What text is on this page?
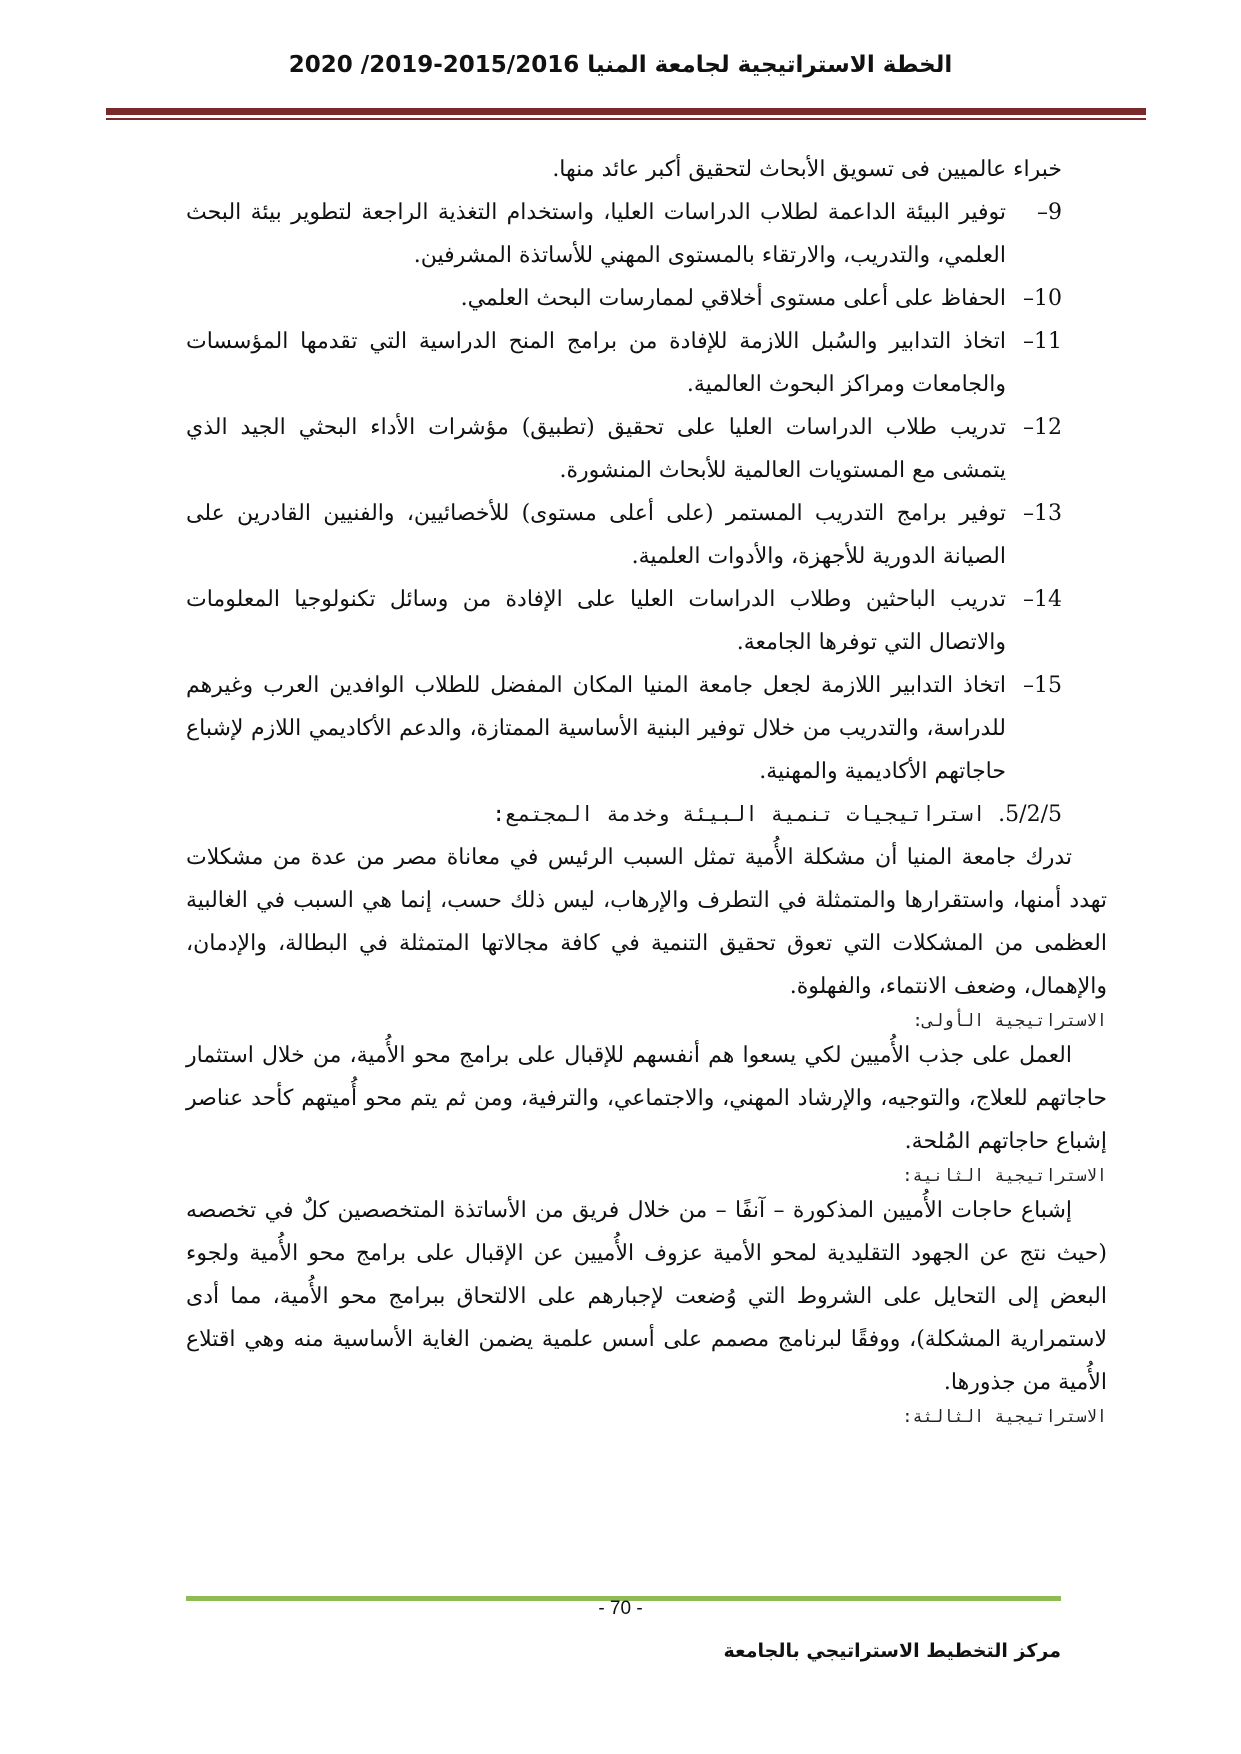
الخطة الاستراتيجية لجامعة المنيا 2015/2016-2019/ 2020

خبراء عالميين فى تسويق الأبحاث لتحقيق أكبر عائد منها.

9–
توفير البيئة الداعمة لطلاب الدراسات العليا، واستخدام التغذية الراجعة لتطوير بيئة البحث العلمي، والتدريب، والارتقاء بالمستوى المهني للأساتذة المشرفين.
10–
الحفاظ على أعلى مستوى أخلاقي لممارسات البحث العلمي.
11–
اتخاذ التدابير والسُبل اللازمة للإفادة من برامج المنح الدراسية التي تقدمها المؤسسات والجامعات ومراكز البحوث العالمية.
12–
تدريب طلاب الدراسات العليا على تحقيق (تطبيق) مؤشرات الأداء البحثي الجيد الذي يتمشى مع المستويات العالمية للأبحاث المنشورة.
13–
توفير برامج التدريب المستمر (على أعلى مستوى) للأخصائيين، والفنيين القادرين على الصيانة الدورية للأجهزة، والأدوات العلمية.
14–
تدريب الباحثين وطلاب الدراسات العليا على الإفادة من وسائل تكنولوجيا المعلومات والاتصال التي توفرها الجامعة.
15–
اتخاذ التدابير اللازمة لجعل جامعة المنيا المكان المفضل للطلاب الوافدين العرب وغيرهم للدراسة، والتدريب من خلال توفير البنية الأساسية الممتازة، والدعم الأكاديمي اللازم لإشباع حاجاتهم الأكاديمية والمهنية.

5/2/5. استراتيجيات تنمية البيئة وخدمة المجتمع:

تدرك جامعة المنيا أن مشكلة الأُمية تمثل السبب الرئيس في معاناة مصر من عدة من مشكلات تهدد أمنها، واستقرارها والمتمثلة في التطرف والإرهاب، ليس ذلك حسب، إنما هي السبب في الغالبية العظمى من المشكلات التي تعوق تحقيق التنمية في كافة مجالاتها المتمثلة في البطالة، والإدمان، والإهمال، وضعف الانتماء، والفهلوة.

الاستراتيجية الأولى:

العمل على جذب الأُميين لكي يسعوا هم أنفسهم للإقبال على برامج محو الأُمية، من خلال استثمار حاجاتهم للعلاج، والتوجيه، والإرشاد المهني، والاجتماعي، والترفية، ومن ثم يتم محو أُميتهم كأحد عناصر إشباع حاجاتهم المُلحة.

الاستراتيجية الثانية:

إشباع حاجات الأُميين المذكورة – آنفًا – من خلال فريق من الأساتذة المتخصصين كلٌ في تخصصه (حيث نتج عن الجهود التقليدية لمحو الأمية عزوف الأُميين عن الإقبال على برامج محو الأُمية ولجوء البعض إلى التحايل على الشروط التي وُضعت لإجبارهم على الالتحاق ببرامج محو الأُمية، مما أدى لاستمرارية المشكلة)، ووفقًا لبرنامج مصمم على أسس علمية يضمن الغاية الأساسية منه وهي اقتلاع الأُمية من جذورها.

الاستراتيجية الثالثة:

- 70 -
مركز التخطيط الاستراتيجي بالجامعة
